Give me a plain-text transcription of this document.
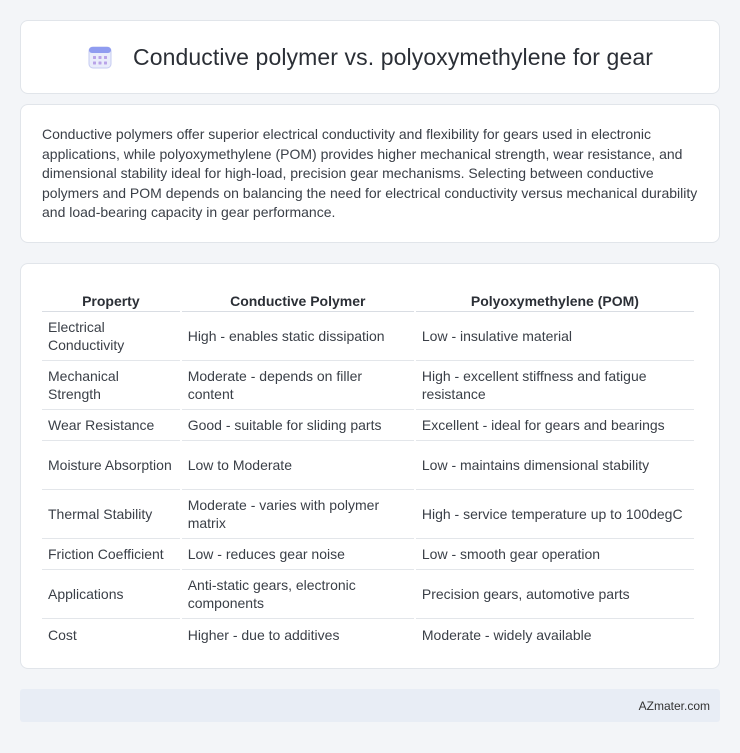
Conductive polymer vs. polyoxymethylene for gear

Conductive polymers offer superior electrical conductivity and flexibility for gears used in electronic applications, while polyoxymethylene (POM) provides higher mechanical strength, wear resistance, and dimensional stability ideal for high-load, precision gear mechanisms. Selecting between conductive polymers and POM depends on balancing the need for electrical conductivity versus mechanical durability and load-bearing capacity in gear performance.

Property	Conductive Polymer	Polyoxymethylene (POM)
Electrical Conductivity	High - enables static dissipation	Low - insulative material
Mechanical Strength	Moderate - depends on filler content	High - excellent stiffness and fatigue resistance
Wear Resistance	Good - suitable for sliding parts	Excellent - ideal for gears and bearings
Moisture Absorption	Low to Moderate	Low - maintains dimensional stability
Thermal Stability	Moderate - varies with polymer matrix	High - service temperature up to 100degC
Friction Coefficient	Low - reduces gear noise	Low - smooth gear operation
Applications	Anti-static gears, electronic components	Precision gears, automotive parts
Cost	Higher - due to additives	Moderate - widely available
AZmater.com
